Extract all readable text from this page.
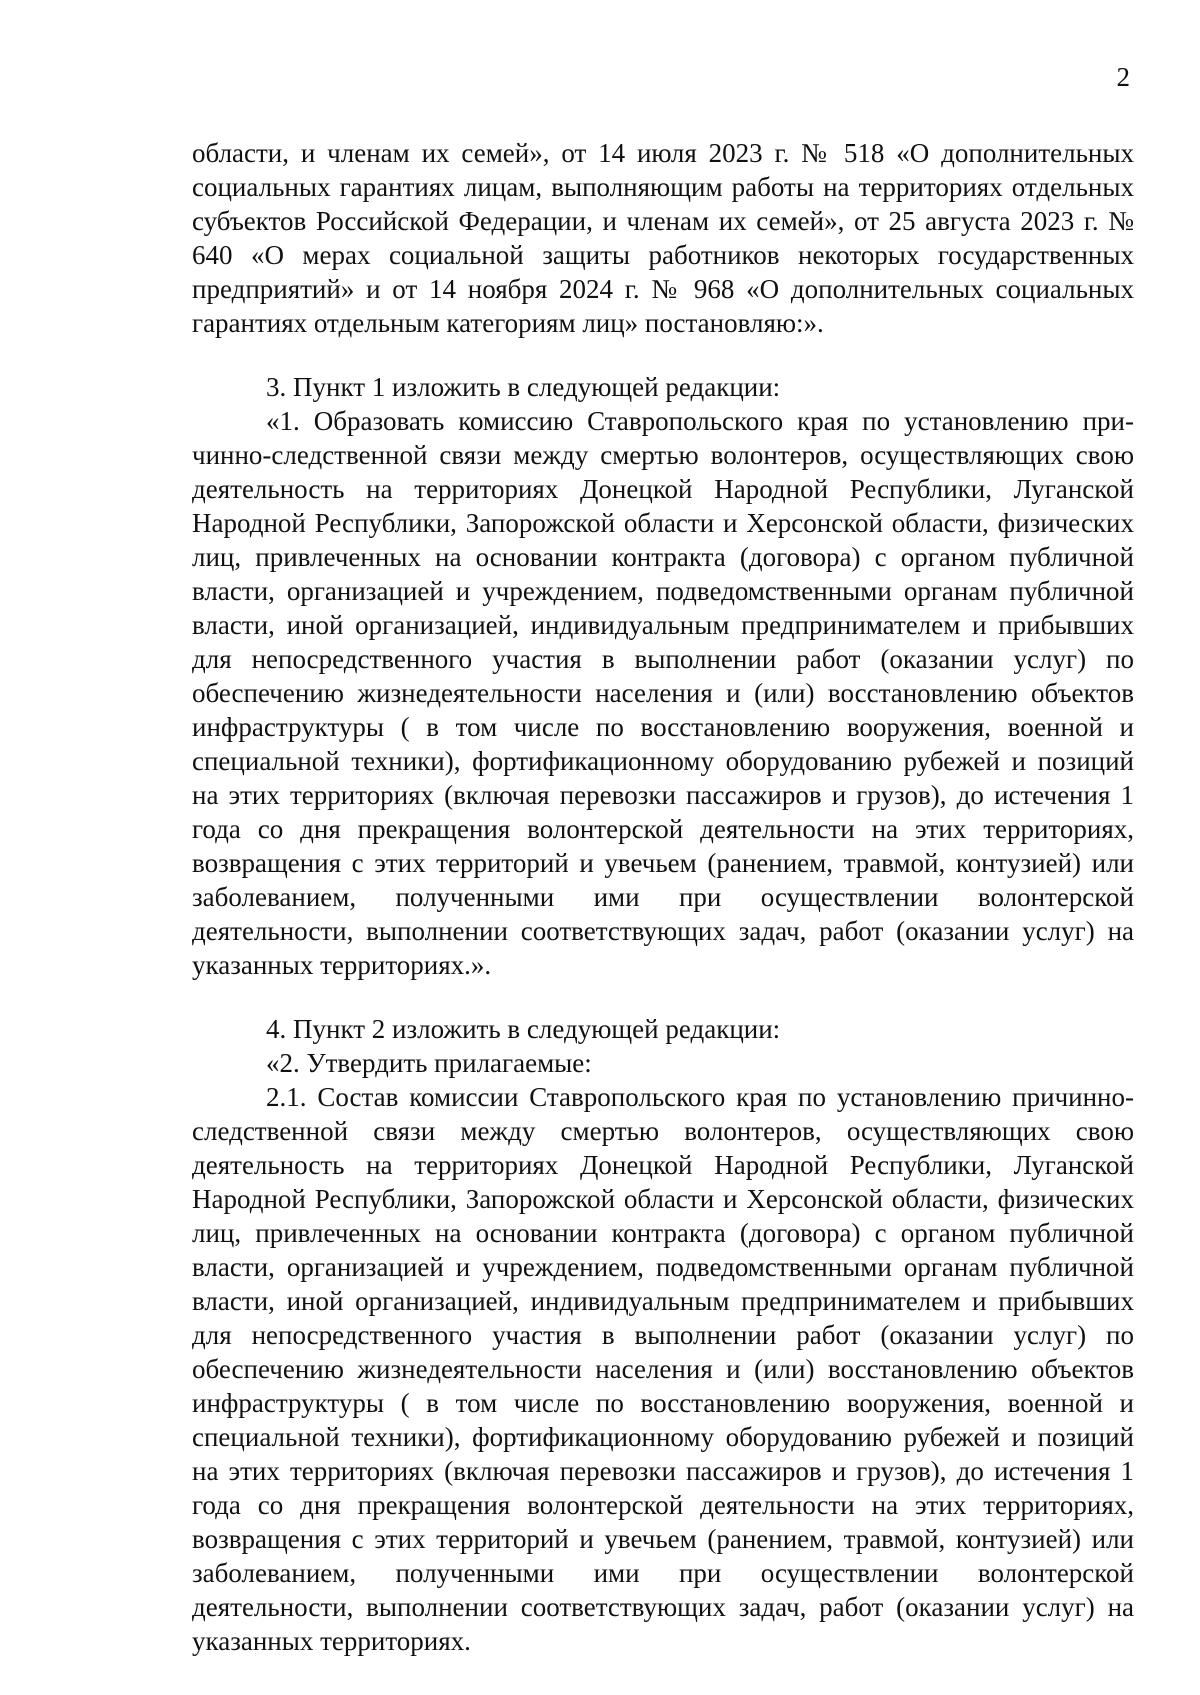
2

области, и членам их семей», от 14 июля 2023 г. № 518 «О дополнительных социальных гарантиях лицам, выполняющим работы на территориях отдельных субъектов Российской Федерации, и членам их семей», от 25 августа 2023 г. № 640 «О мерах социальной защиты работников некоторых государственных предприятий» и от 14 ноября 2024 г. № 968 «О дополнительных социальных гарантиях отдельным категориям лиц» постановляю:».

3. Пункт 1 изложить в следующей редакции:

«1. Образовать комиссию Ставропольского края по установлению причинно-следственной связи между смертью волонтеров, осуществляющих свою деятельность на территориях Донецкой Народной Республики, Луганской Народной Республики, Запорожской области и Херсонской области, физических лиц, привлеченных на основании контракта (договора) с органом публичной власти, организацией и учреждением, подведомственными органам публичной власти, иной организацией, индивидуальным предпринимателем и прибывших для непосредственного участия в выполнении работ (оказании услуг) по обеспечению жизнедеятельности населения и (или) восстановлению объектов инфраструктуры ( в том числе по восстановлению вооружения, военной и специальной техники), фортификационному оборудованию рубежей и позиций на этих территориях (включая перевозки пассажиров и грузов), до истечения 1 года со дня прекращения волонтерской деятельности на этих территориях, возвращения с этих территорий и увечьем (ранением, травмой, контузией) или заболеванием, полученными ими при осуществлении волонтерской деятельности, выполнении соответствующих задач, работ (оказании услуг) на указанных территориях.».

4. Пункт 2 изложить в следующей редакции:

«2. Утвердить прилагаемые:

2.1. Состав комиссии Ставропольского края по установлению причинно-следственной связи между смертью волонтеров, осуществляющих свою деятельность на территориях Донецкой Народной Республики, Луганской Народной Республики, Запорожской области и Херсонской области, физических лиц, привлеченных на основании контракта (договора) с органом публичной власти, организацией и учреждением, подведомственными органам публичной власти, иной организацией, индивидуальным предпринимателем и прибывших для непосредственного участия в выполнении работ (оказании услуг) по обеспечению жизнедеятельности населения и (или) восстановлению объектов инфраструктуры ( в том числе по восстановлению вооружения, военной и специальной техники), фортификационному оборудованию рубежей и позиций на этих территориях (включая перевозки пассажиров и грузов), до истечения 1 года со дня прекращения волонтерской деятельности на этих территориях, возвращения с этих территорий и увечьем (ранением, травмой, контузией) или заболеванием, полученными ими при осуществлении волонтерской деятельности, выполнении соответствующих задач, работ (оказании услуг) на указанных территориях.
